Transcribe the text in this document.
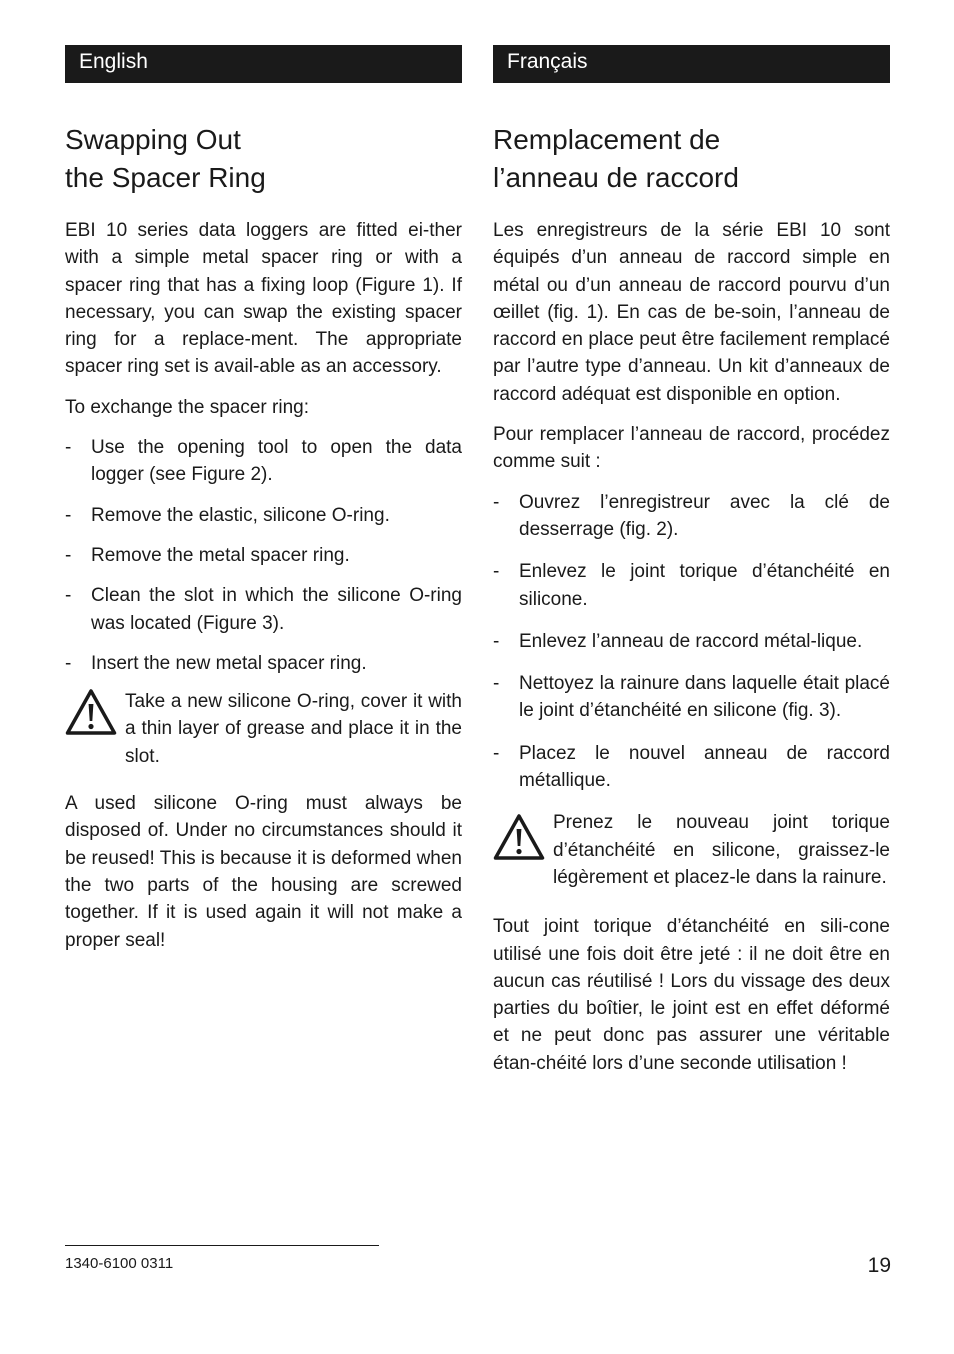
English
Swapping Out
the Spacer Ring

EBI 10 series data loggers are fitted ei-ther with a simple metal spacer ring or with a spacer ring that has a fixing loop (Figure 1). If necessary, you can swap the existing spacer ring for a replace-ment. The appropriate spacer ring set is avail-able as an accessory.

To exchange the spacer ring:

- Use the opening tool to open the data logger (see Figure 2).
- Remove the elastic, silicone O-ring.
- Remove the metal spacer ring.
- Clean the slot in which the silicone O-ring was located (Figure 3).
- Insert the new metal spacer ring.

Take a new silicone O-ring, cover it with a thin layer of grease and place it in the slot.

A used silicone O-ring must always be disposed of. Under no circumstances should it be reused! This is because it is deformed when the two parts of the housing are screwed together. If it is used again it will not make a proper seal!

Français
Remplacement de
l’anneau de raccord

Les enregistreurs de la série EBI 10 sont équipés d’un anneau de raccord simple en métal ou d’un anneau de raccord pourvu d’un œillet (fig. 1). En cas de be-soin, l’anneau de raccord en place peut être facilement remplacé par l’autre type d’anneau. Un kit d’anneaux de raccord adéquat est disponible en option.

Pour remplacer l’anneau de raccord, procédez comme suit :

- Ouvrez l’enregistreur avec la clé de desserrage (fig. 2).
- Enlevez le joint torique d’étanchéité en silicone.
- Enlevez l’anneau de raccord métal-lique.
- Nettoyez la rainure dans laquelle était placé le joint d’étanchéité en silicone (fig. 3).
- Placez le nouvel anneau de raccord métallique.

Prenez le nouveau joint torique d’étanchéité en silicone, graissez-le légèrement et placez-le dans la rainure.

Tout joint torique d’étanchéité en sili-cone utilisé une fois doit être jeté : il ne doit être en aucun cas réutilisé ! Lors du vissage des deux parties du boîtier, le joint est en effet déformé et ne peut donc pas assurer une véritable étan-chéité lors d’une seconde utilisation !

1340-6100 0311	19
